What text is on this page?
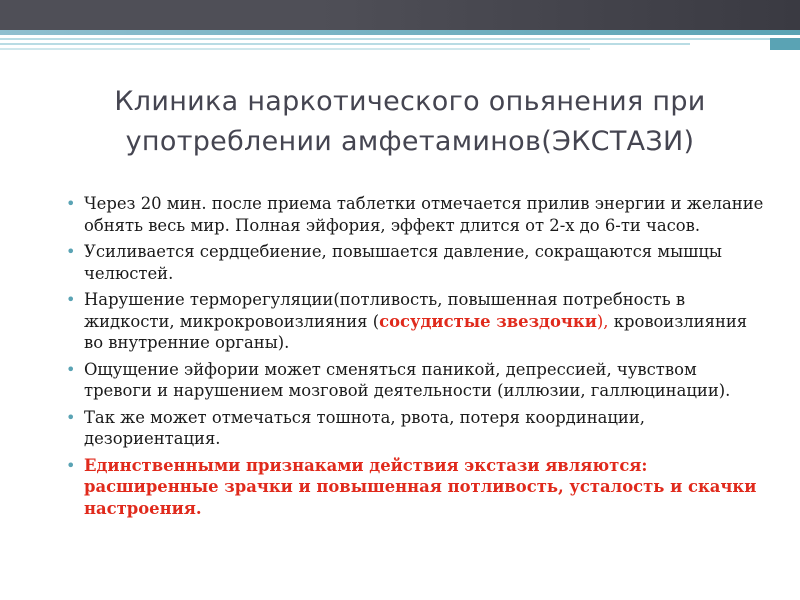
Клиника наркотического опьянения при
употреблении амфетаминов(ЭКСТАЗИ)
• Через 20 мин. после приема таблетки отмечается прилив энергии и желание обнять весь мир. Полная эйфория, эффект длится от 2-х до 6-ти часов.
• Усиливается сердцебиение, повышается давление, сокращаются мышцы челюстей.
• Нарушение терморегуляции(потливость, повышенная потребность в жидкости, микрокровоизлияния (сосудистые звездочки), кровоизлияния во внутренние органы).
• Ощущение эйфории может сменяться паникой, депрессией, чувством тревоги и нарушением мозговой деятельности (иллюзии, галлюцинации).
• Так же может отмечаться тошнота, рвота, потеря координации, дезориентация.
• Единственными признаками действия экстази являются: расширенные зрачки и повышенная потливость, усталость и скачки настроения.
